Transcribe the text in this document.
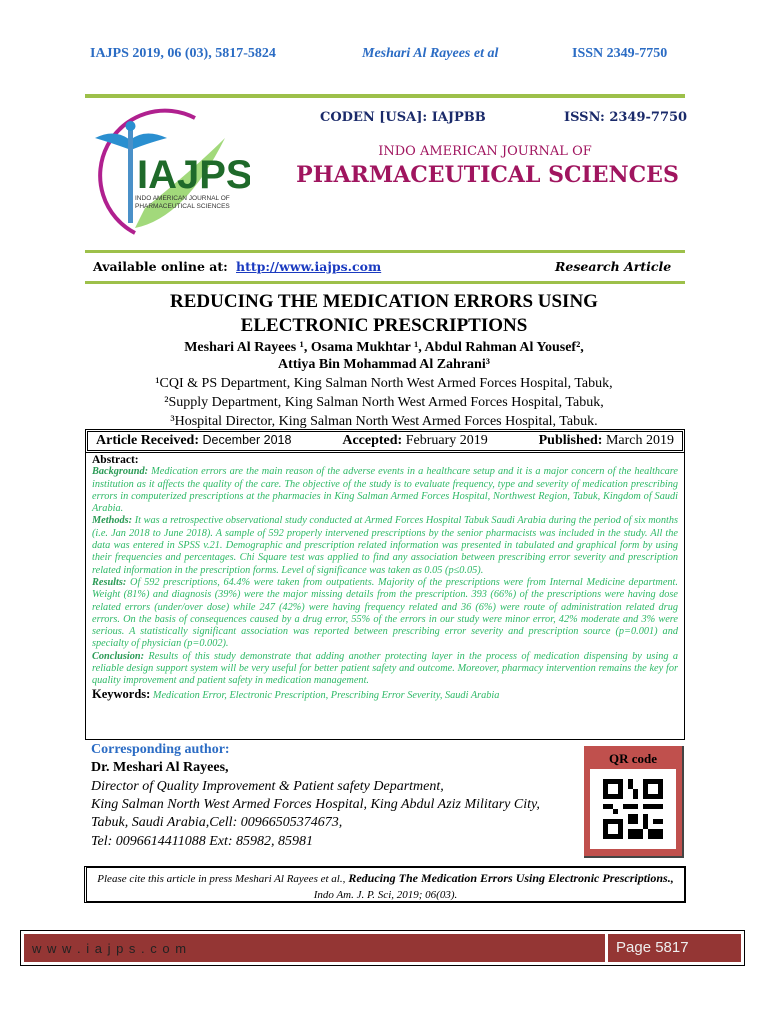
IAJPS 2019, 06 (03), 5817-5824	Meshari Al Rayees et al	ISSN 2349-7750
IAJPS
INDO AMERICAN JOURNAL OF
PHARMACEUTICAL SCIENCES
CODEN [USA]: IAJPBB	ISSN: 2349-7750
INDO AMERICAN JOURNAL OF
PHARMACEUTICAL SCIENCES
Available online at: http://www.iajps.com	Research Article
REDUCING THE MEDICATION ERRORS USING
ELECTRONIC PRESCRIPTIONS
Meshari Al Rayees ¹, Osama Mukhtar ¹, Abdul Rahman Al Yousef²,
Attiya Bin Mohammad Al Zahrani³
¹CQI & PS Department, King Salman North West Armed Forces Hospital, Tabuk,
²Supply Department, King Salman North West Armed Forces Hospital, Tabuk,
³Hospital Director, King Salman North West Armed Forces Hospital, Tabuk.
Article Received: December 2018	Accepted: February 2019	Published: March 2019
Abstract:
Background: Medication errors are the main reason of the adverse events in a healthcare setup and it is a major concern of the healthcare institution as it affects the quality of the care. The objective of the study is to evaluate frequency, type and severity of medication prescribing errors in computerized prescriptions at the pharmacies in King Salman Armed Forces Hospital, Northwest Region, Tabuk, Kingdom of Saudi Arabia.
Methods: It was a retrospective observational study conducted at Armed Forces Hospital Tabuk Saudi Arabia during the period of six months (i.e. Jan 2018 to June 2018). A sample of 592 properly intervened prescriptions by the senior pharmacists was included in the study. All the data was entered in SPSS v.21. Demographic and prescription related information was presented in tabulated and graphical form by using their frequencies and percentages. Chi Square test was applied to find any association between prescribing error severity and prescription related information in the prescription forms. Level of significance was taken as 0.05 (p≤0.05).
Results: Of 592 prescriptions, 64.4% were taken from outpatients. Majority of the prescriptions were from Internal Medicine department. Weight (81%) and diagnosis (39%) were the major missing details from the prescription. 393 (66%) of the prescriptions were having dose related errors (under/over dose) while 247 (42%) were having frequency related and 36 (6%) were route of administration related drug errors. On the basis of consequences caused by a drug error, 55% of the errors in our study were minor error, 42% moderate and 3% were serious. A statistically significant association was reported between prescribing error severity and prescription source (p=0.001) and specialty of physician (p=0.002).
Conclusion: Results of this study demonstrate that adding another protecting layer in the process of medication dispensing by using a reliable design support system will be very useful for better patient safety and outcome. Moreover, pharmacy intervention remains the key for quality improvement and patient safety in medication management.
Keywords: Medication Error, Electronic Prescription, Prescribing Error Severity, Saudi Arabia
Corresponding author:
Dr. Meshari Al Rayees,
Director of Quality Improvement & Patient safety Department,
King Salman North West Armed Forces Hospital, King Abdul Aziz Military City,
Tabuk, Saudi Arabia,Cell: 00966505374673,
Tel: 0096614411088 Ext: 85982, 85981
QR code
Please cite this article in press Meshari Al Rayees et al., Reducing The Medication Errors Using Electronic Prescriptions., Indo Am. J. P. Sci, 2019; 06(03).
w w w . i a j p s . c o m	Page 5817
